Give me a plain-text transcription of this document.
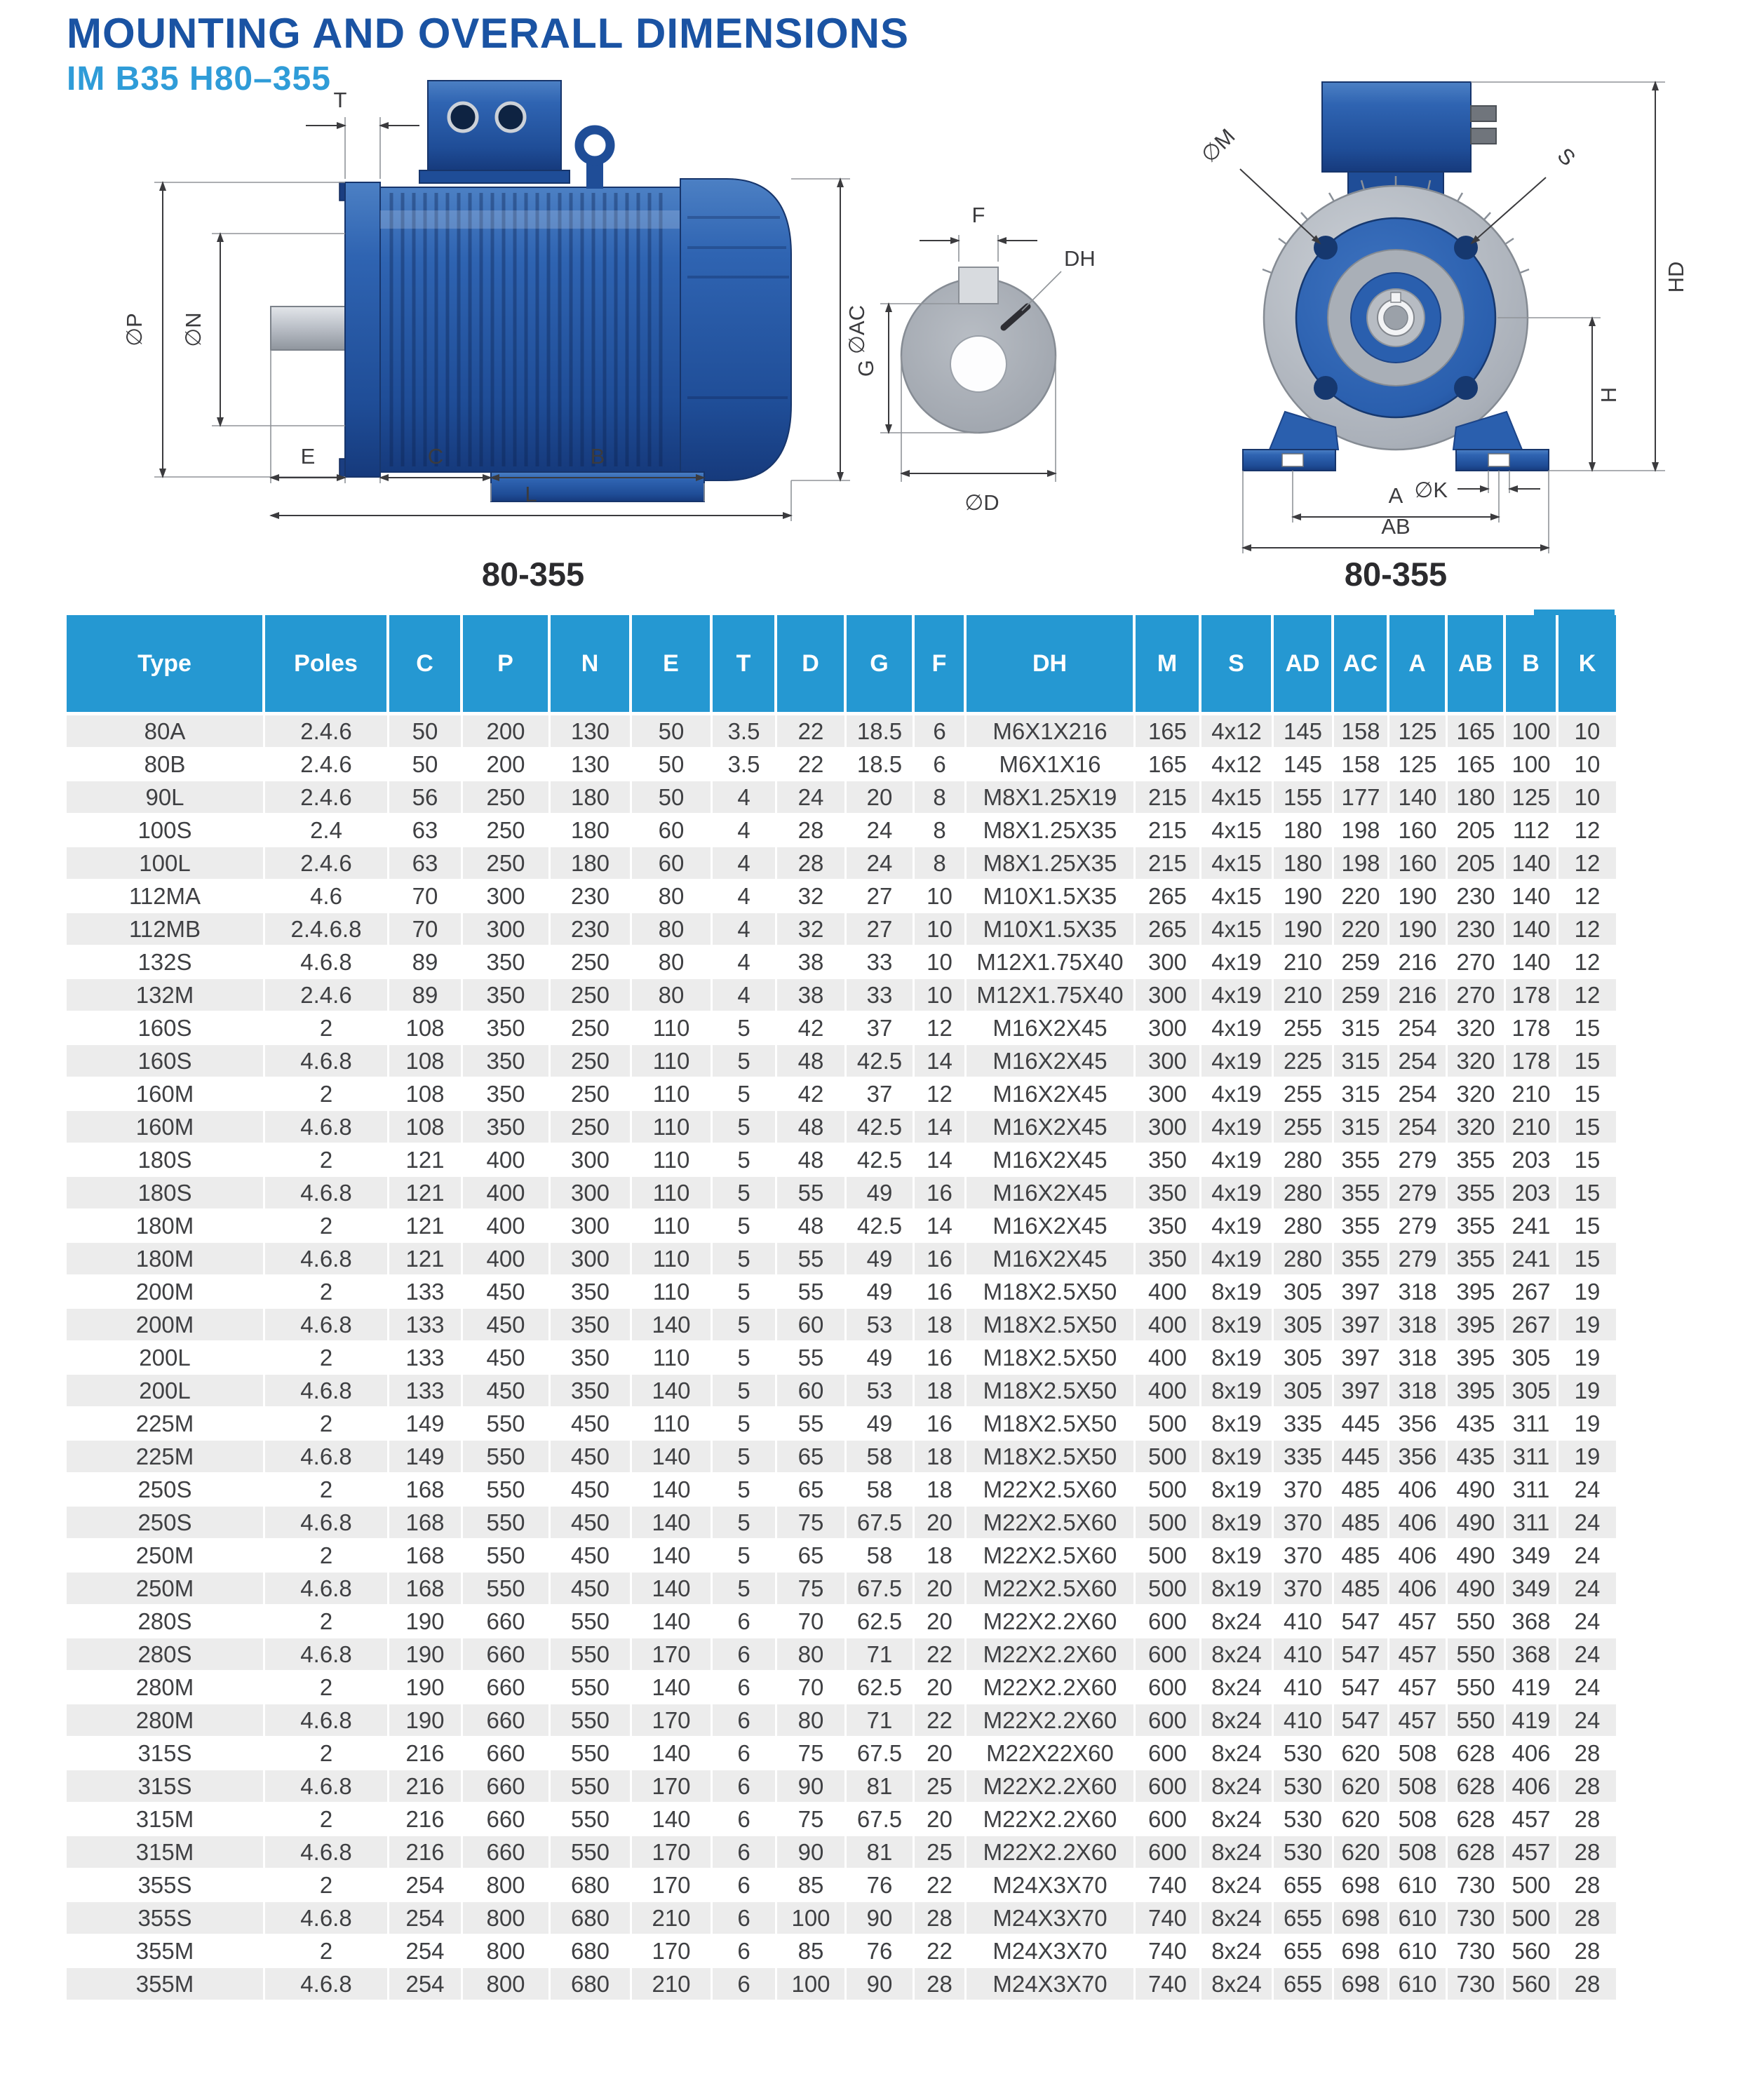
MOUNTING AND OVERALL DIMENSIONS
IM B35 H80–355
T
∅P ∅N	∅AC
E	C	B
L
80-355
F
DH
G
∅D
HD
H
∅M	S
∅K
A
AB
80-355
Type	Poles	C	P	N	E	T	D	G	F	DH	M	S	AD	AC	A	AB	B	K
80A	2.4.6	50	200	130	50	3.5	22	18.5	6	M6X1X216	165	4x12	145	158	125	165	100	10
80B	2.4.6	50	200	130	50	3.5	22	18.5	6	M6X1X16	165	4x12	145	158	125	165	100	10
90L	2.4.6	56	250	180	50	4	24	20	8	M8X1.25X19	215	4x15	155	177	140	180	125	10
100S	2.4	63	250	180	60	4	28	24	8	M8X1.25X35	215	4x15	180	198	160	205	112	12
100L	2.4.6	63	250	180	60	4	28	24	8	M8X1.25X35	215	4x15	180	198	160	205	140	12
112MA	4.6	70	300	230	80	4	32	27	10	M10X1.5X35	265	4x15	190	220	190	230	140	12
112MB	2.4.6.8	70	300	230	80	4	32	27	10	M10X1.5X35	265	4x15	190	220	190	230	140	12
132S	4.6.8	89	350	250	80	4	38	33	10	M12X1.75X40	300	4x19	210	259	216	270	140	12
132M	2.4.6	89	350	250	80	4	38	33	10	M12X1.75X40	300	4x19	210	259	216	270	178	12
160S	2	108	350	250	110	5	42	37	12	M16X2X45	300	4x19	255	315	254	320	178	15
160S	4.6.8	108	350	250	110	5	48	42.5	14	M16X2X45	300	4x19	225	315	254	320	178	15
160M	2	108	350	250	110	5	42	37	12	M16X2X45	300	4x19	255	315	254	320	210	15
160M	4.6.8	108	350	250	110	5	48	42.5	14	M16X2X45	300	4x19	255	315	254	320	210	15
180S	2	121	400	300	110	5	48	42.5	14	M16X2X45	350	4x19	280	355	279	355	203	15
180S	4.6.8	121	400	300	110	5	55	49	16	M16X2X45	350	4x19	280	355	279	355	203	15
180M	2	121	400	300	110	5	48	42.5	14	M16X2X45	350	4x19	280	355	279	355	241	15
180M	4.6.8	121	400	300	110	5	55	49	16	M16X2X45	350	4x19	280	355	279	355	241	15
200M	2	133	450	350	110	5	55	49	16	M18X2.5X50	400	8x19	305	397	318	395	267	19
200M	4.6.8	133	450	350	140	5	60	53	18	M18X2.5X50	400	8x19	305	397	318	395	267	19
200L	2	133	450	350	110	5	55	49	16	M18X2.5X50	400	8x19	305	397	318	395	305	19
200L	4.6.8	133	450	350	140	5	60	53	18	M18X2.5X50	400	8x19	305	397	318	395	305	19
225M	2	149	550	450	110	5	55	49	16	M18X2.5X50	500	8x19	335	445	356	435	311	19
225M	4.6.8	149	550	450	140	5	65	58	18	M18X2.5X50	500	8x19	335	445	356	435	311	19
250S	2	168	550	450	140	5	65	58	18	M22X2.5X60	500	8x19	370	485	406	490	311	24
250S	4.6.8	168	550	450	140	5	75	67.5	20	M22X2.5X60	500	8x19	370	485	406	490	311	24
250M	2	168	550	450	140	5	65	58	18	M22X2.5X60	500	8x19	370	485	406	490	349	24
250M	4.6.8	168	550	450	140	5	75	67.5	20	M22X2.5X60	500	8x19	370	485	406	490	349	24
280S	2	190	660	550	140	6	70	62.5	20	M22X2.2X60	600	8x24	410	547	457	550	368	24
280S	4.6.8	190	660	550	170	6	80	71	22	M22X2.2X60	600	8x24	410	547	457	550	368	24
280M	2	190	660	550	140	6	70	62.5	20	M22X2.2X60	600	8x24	410	547	457	550	419	24
280M	4.6.8	190	660	550	170	6	80	71	22	M22X2.2X60	600	8x24	410	547	457	550	419	24
315S	2	216	660	550	140	6	75	67.5	20	M22X22X60	600	8x24	530	620	508	628	406	28
315S	4.6.8	216	660	550	170	6	90	81	25	M22X2.2X60	600	8x24	530	620	508	628	406	28
315M	2	216	660	550	140	6	75	67.5	20	M22X2.2X60	600	8x24	530	620	508	628	457	28
315M	4.6.8	216	660	550	170	6	90	81	25	M22X2.2X60	600	8x24	530	620	508	628	457	28
355S	2	254	800	680	170	6	85	76	22	M24X3X70	740	8x24	655	698	610	730	500	28
355S	4.6.8	254	800	680	210	6	100	90	28	M24X3X70	740	8x24	655	698	610	730	500	28
355M	2	254	800	680	170	6	85	76	22	M24X3X70	740	8x24	655	698	610	730	560	28
355M	4.6.8	254	800	680	210	6	100	90	28	M24X3X70	740	8x24	655	698	610	730	560	28
